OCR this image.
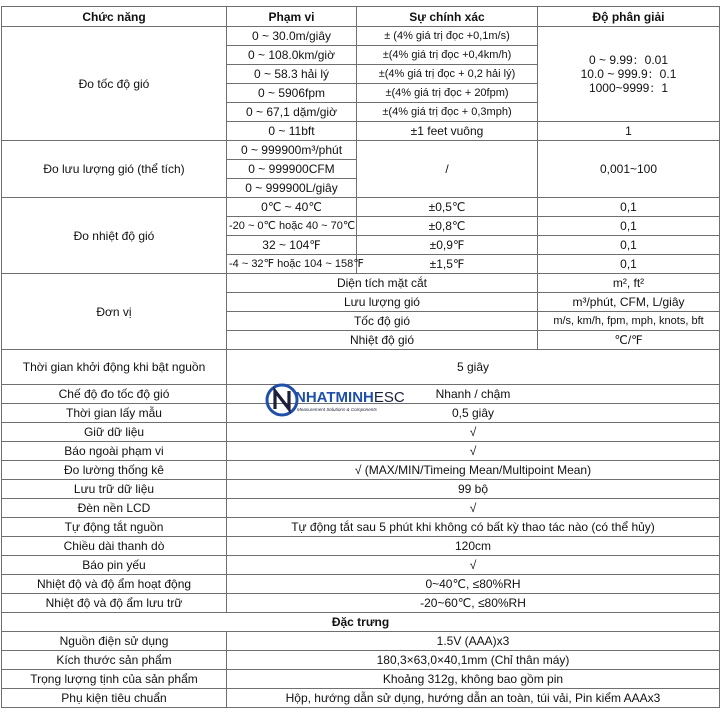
Chức năng	Phạm vi	Sự chính xác	Độ phân giải
Đo tốc độ gió	0 ~ 30.0m/giây	± (4% giá trị đọc +0,1m/s)	0 ~ 9.99：0.01
10.0 ~ 999.9：0.1
1000~9999：1

	0 ~ 108.0km/giờ	±(4% giá trị đọc +0,4km/h)	
	0 ~ 58.3 hải lý	±(4% giá trị đọc + 0,2 hải lý)	
	0 ~ 5906fpm	±(4% giá trị đọc + 20fpm)	
	0 ~ 67,1 dặm/giờ	±(4% giá trị đọc + 0,3mph)	
	0 ~ 11bft	±1 feet vuông	1
Đo lưu lượng gió (thể tích)	0 ~ 999900m³/phút	/	0,001~100
	0 ~ 999900CFM		
	0 ~ 999900L/giây		
Đo nhiệt độ gió	0℃ ~ 40℃	±0,5℃	0,1
	-20 ~ 0℃ hoặc 40 ~ 70℃	±0,8℃	0,1
	32 ~ 104℉	±0,9℉	0,1
	-4 ~ 32℉ hoặc 104 ~ 158℉	±1,5℉	0,1
Đơn vị	Diện tích mặt cắt		m², ft²
	Lưu lượng gió		m³/phút, CFM, L/giây
	Tốc độ gió		m/s, km/h, fpm, mph, knots, bft
	Nhiệt độ gió		℃/℉
Thời gian khởi động khi bật nguồn	5 giây		
Chế độ đo tốc độ gió	Nhanh / chậm		
Thời gian lấy mẫu	0,5 giây		
Giữ dữ liệu	√		
Báo ngoài phạm vi	√		
Đo lường thống kê	√ (MAX/MIN/Timeing Mean/Multipoint Mean)		
Lưu trữ dữ liệu	99 bộ		
Đèn nền LCD	√		
Tự động tắt nguồn	Tự động tắt sau 5 phút khi không có bất kỳ thao tác nào (có thể hủy)		
Chiều dài thanh dò	120cm		
Báo pin yếu	√		
Nhiệt độ và độ ẩm hoạt động	0~40℃, ≤80%RH		
Nhiệt độ và độ ẩm lưu trữ	-20~60℃, ≤80%RH		
Đặc trưng			
Nguồn điện sử dụng	1.5V (AAA)x3		
Kích thước sản phẩm	180,3×63,0×40,1mm (Chỉ thân máy)		
Trọng lượng tịnh của sản phẩm	Khoảng 312g, không bao gồm pin		
Phụ kiện tiêu chuẩn	Hộp, hướng dẫn sử dụng, hướng dẫn an toàn, túi vải, Pin kiểm AAAx3		
NHATMINHESC
Measurement Solutions & Components
